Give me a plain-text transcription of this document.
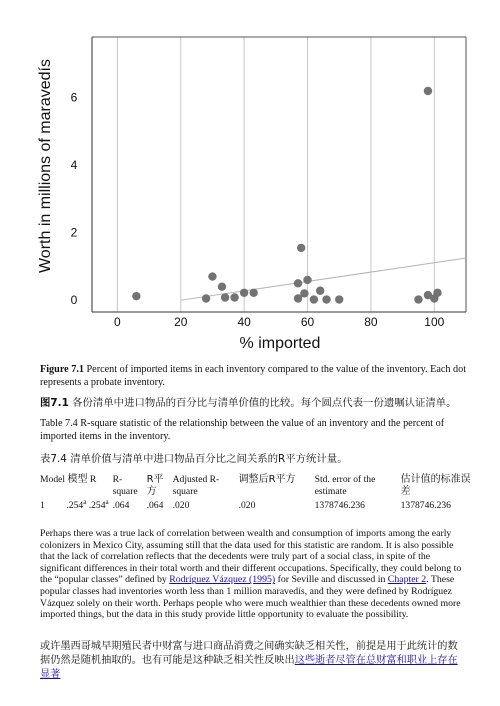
0	20	40	60	80	100
0
2
4
6
% imported
Worth in millions of maravedís
Figure 7.1 Percent of imported items in each inventory compared to the value of the inventory. Each dot represents a probate inventory.
图7.1 各份清单中进口物品的百分比与清单价值的比较。每个圆点代表一份遗嘱认证清单。
Table 7.4 R-square statistic of the relationship between the value of an inventory and the percent of imported items in the inventory.
表7.4 清单价值与清单中进口物品百分比之间关系的R平方统计量。
Model 模型 R	R-square	R平方	Adjusted R-square	调整后R平方	Std. error of the estimate	估计值的标准误差
1 .254$^a$ .254$^a$	.064	.064	.020	.020	1378746.236	1378746.236
Perhaps there was a true lack of correlation between wealth and consumption of imports among the early colonizers in Mexico City, assuming still that the data used for this statistic are random. It is also possible that the lack of correlation reflects that the decedents were truly part of a social class, in spite of the significant differences in their total worth and their different occupations. Specifically, they could belong to the “popular classes” defined by Rodríguez Vázquez (1995) for Seville and discussed in Chapter 2. These popular classes had inventories worth less than 1 million maravedís, and they were defined by Rodríguez Vázquez solely on their worth. Perhaps people who were much wealthier than these decedents owned more imported things, but the data in this study provide little opportunity to evaluate the possibility.
或许墨西哥城早期殖民者中财富与进口商品消费之间确实缺乏相关性，前提是用于此统计的数据仍然是随机抽取的。也有可能是这种缺乏相关性反映出这些逝者尽管在总财富和职业上存在显著
